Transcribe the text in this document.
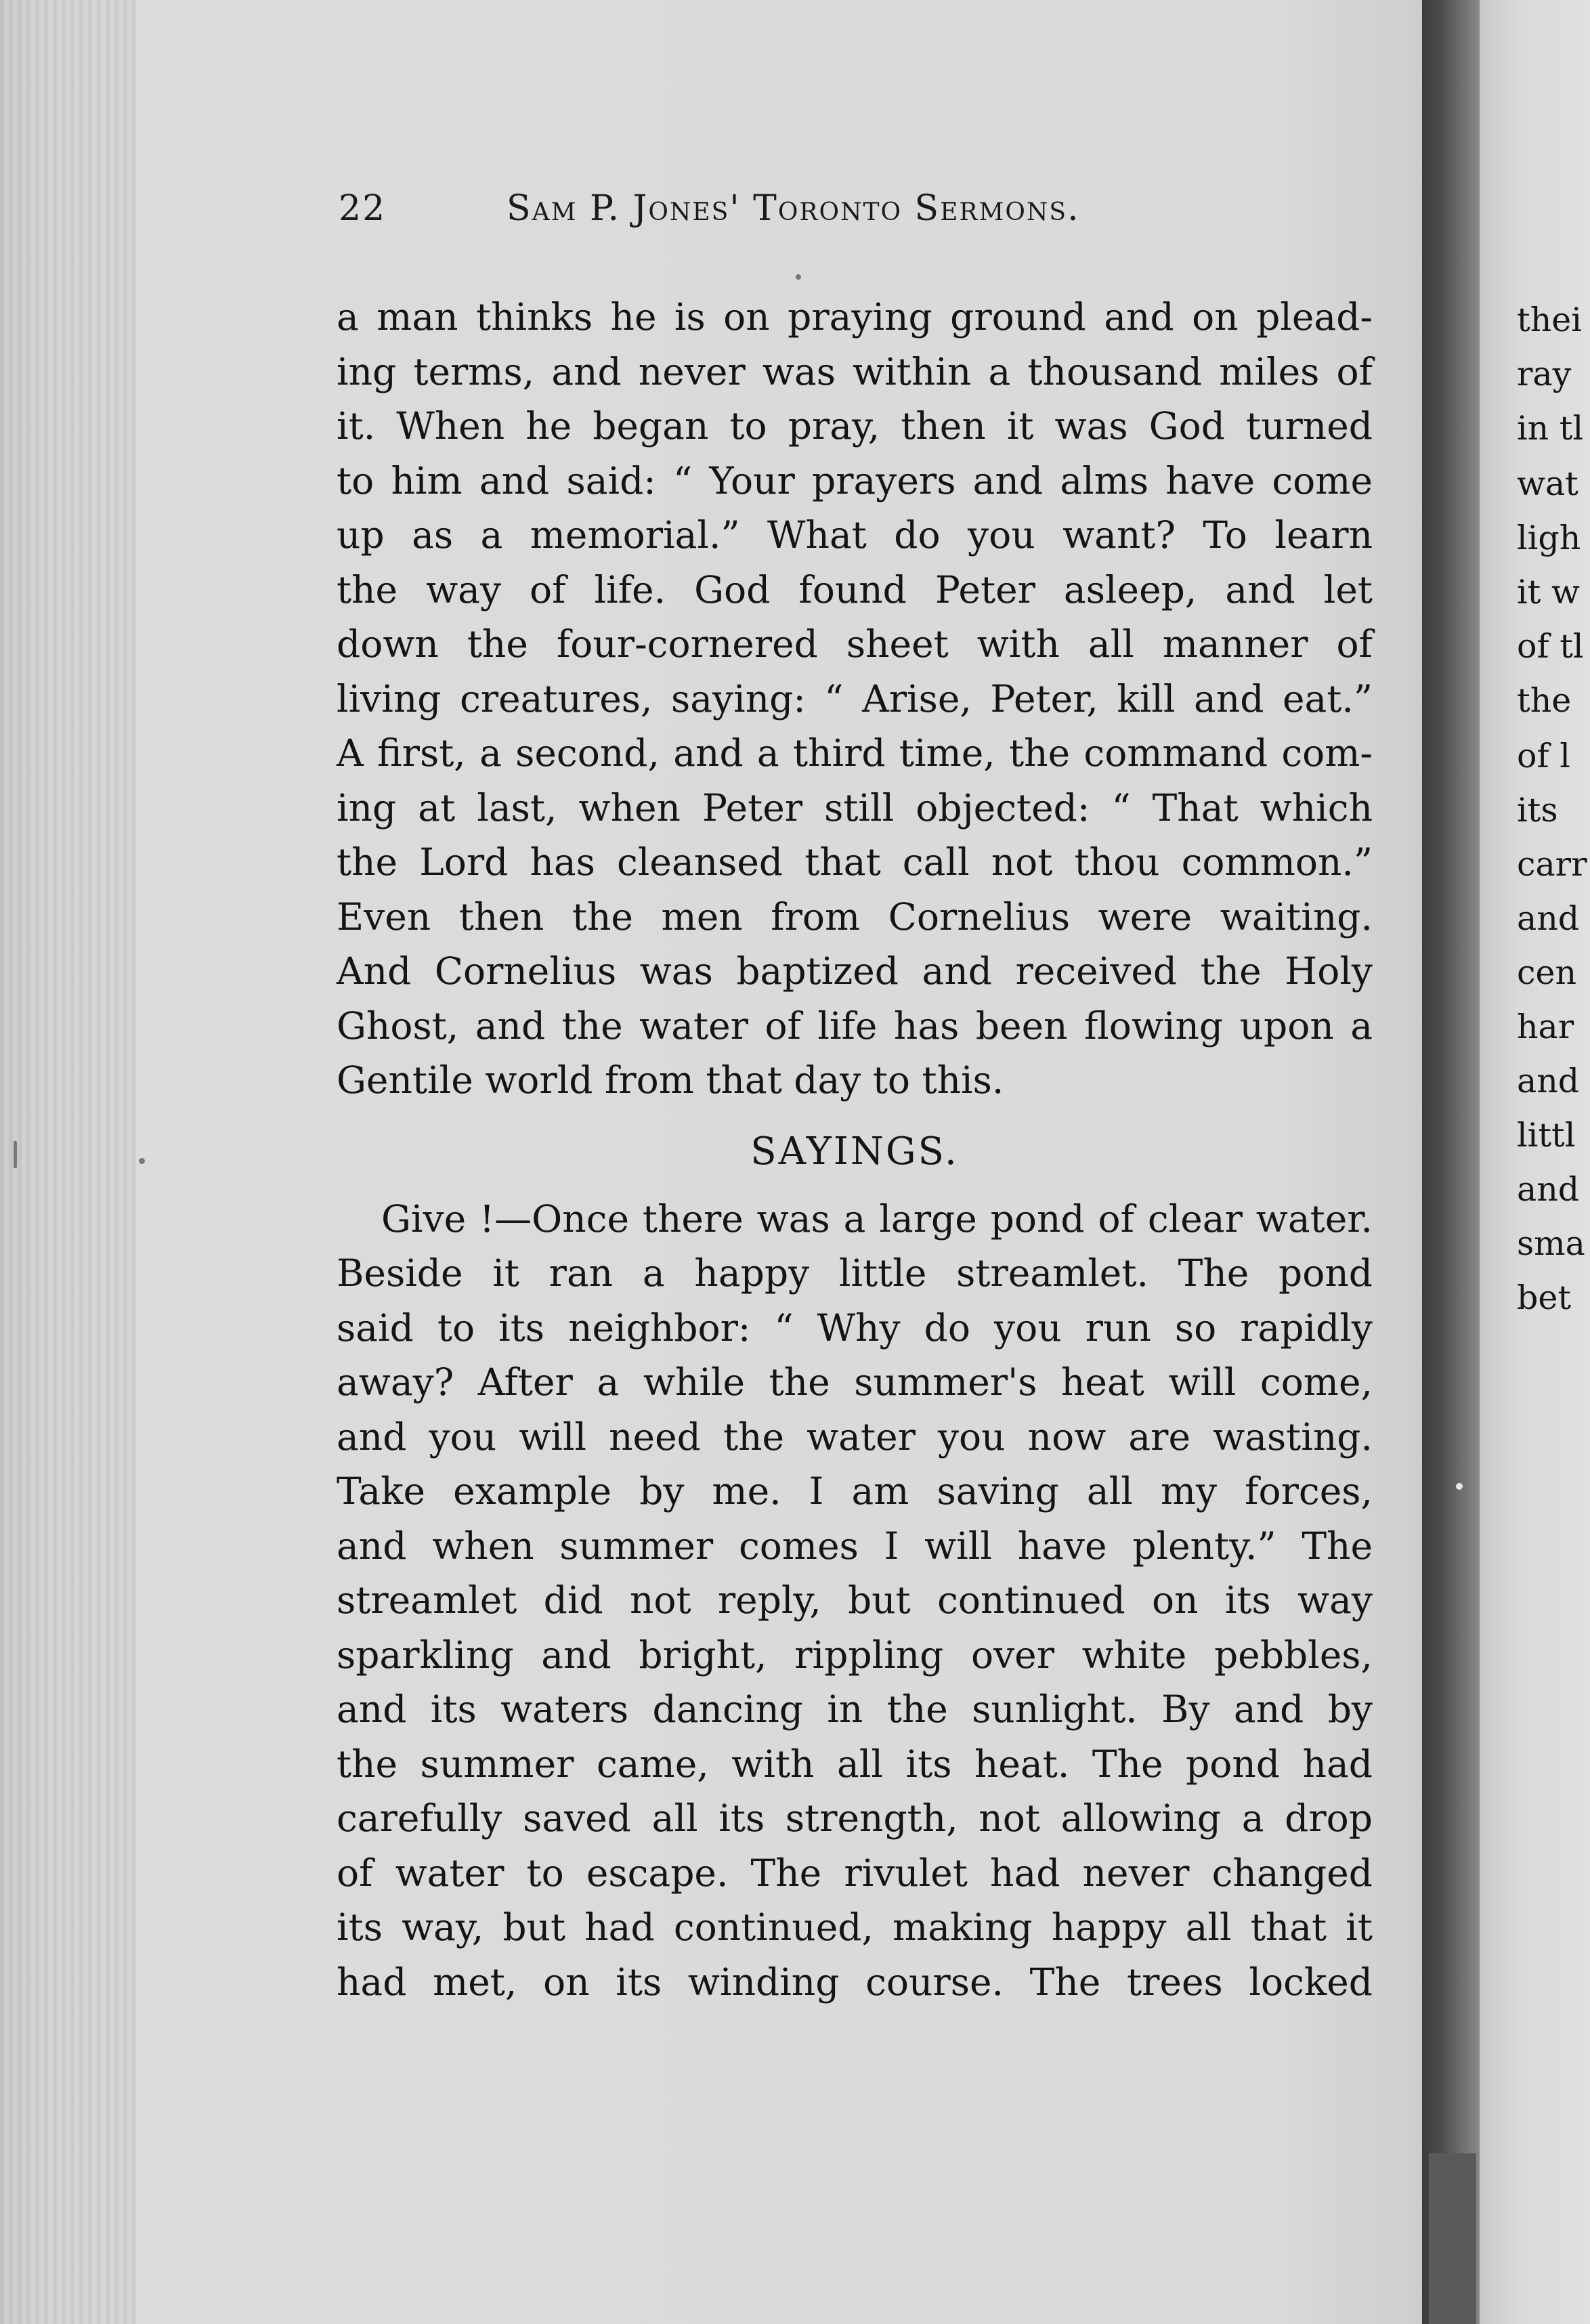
thei
ray
in tl
wat
ligh
it w
of tl
the
of l
its
carr
and
cen
har
and
littl
and
sma
bet
22	Sam P. Jones' Toronto Sermons.
a man thinks he is on praying ground and on plead-
ing terms, and never was within a thousand miles of
it. When he began to pray, then it was God turned
to him and said: “ Your prayers and alms have come
up as a memorial.” What do you want? To learn
the way of life. God found Peter asleep, and let
down the four-cornered sheet with all manner of
living creatures, saying: “ Arise, Peter, kill and eat.”
A first, a second, and a third time, the command com-
ing at last, when Peter still objected: “ That which
the Lord has cleansed that call not thou common.”
Even then the men from Cornelius were waiting.
And Cornelius was baptized and received the Holy
Ghost, and the water of life has been flowing upon a
Gentile world from that day to this.
SAYINGS.
Give !—Once there was a large pond of clear water.
Beside it ran a happy little streamlet. The pond
said to its neighbor: “ Why do you run so rapidly
away? After a while the summer's heat will come,
and you will need the water you now are wasting.
Take example by me. I am saving all my forces,
and when summer comes I will have plenty.” The
streamlet did not reply, but continued on its way
sparkling and bright, rippling over white pebbles,
and its waters dancing in the sunlight. By and by
the summer came, with all its heat. The pond had
carefully saved all its strength, not allowing a drop
of water to escape. The rivulet had never changed
its way, but had continued, making happy all that it
had met, on its winding course. The trees locked
